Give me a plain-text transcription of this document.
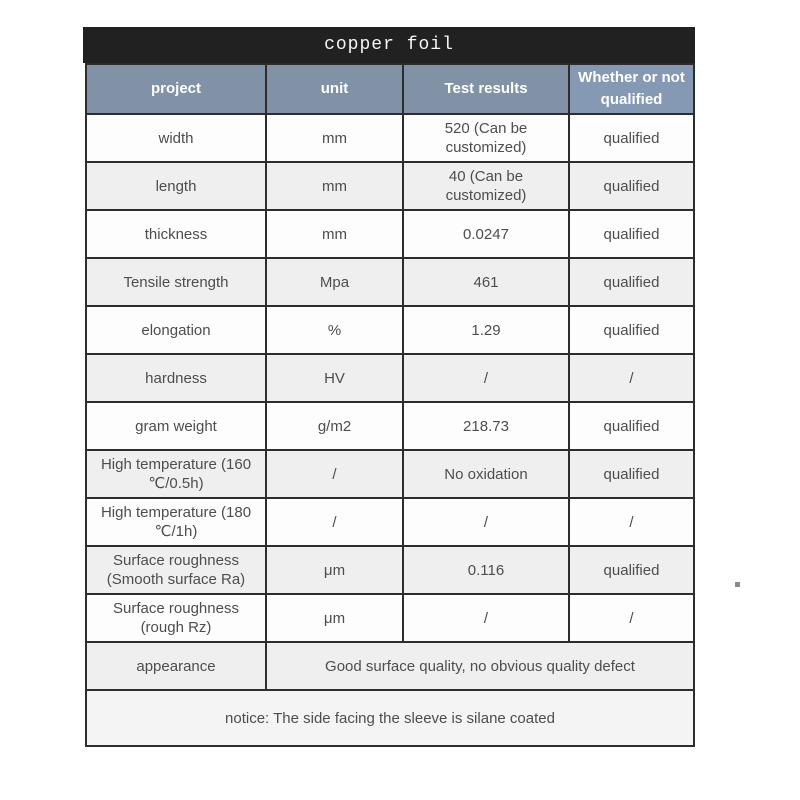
copper foil
project	unit	Test results	Whether or not qualified
width	mm	520 (Can be customized)	qualified
length	mm	40 (Can be customized)	qualified
thickness	mm	0.0247	qualified
Tensile strength	Mpa	461	qualified
elongation	%	1.29	qualified
hardness	HV	/	/
gram weight	g/m2	218.73	qualified
High temperature (160 ℃/0.5h)	/	No oxidation	qualified
High temperature (180 ℃/1h)	/	/	/
Surface roughness (Smooth surface Ra)	μm	0.116	qualified
Surface roughness (rough Rz)	μm	/	/
appearance	Good surface quality, no obvious quality defect		
notice: The side facing the sleeve is silane coated			
